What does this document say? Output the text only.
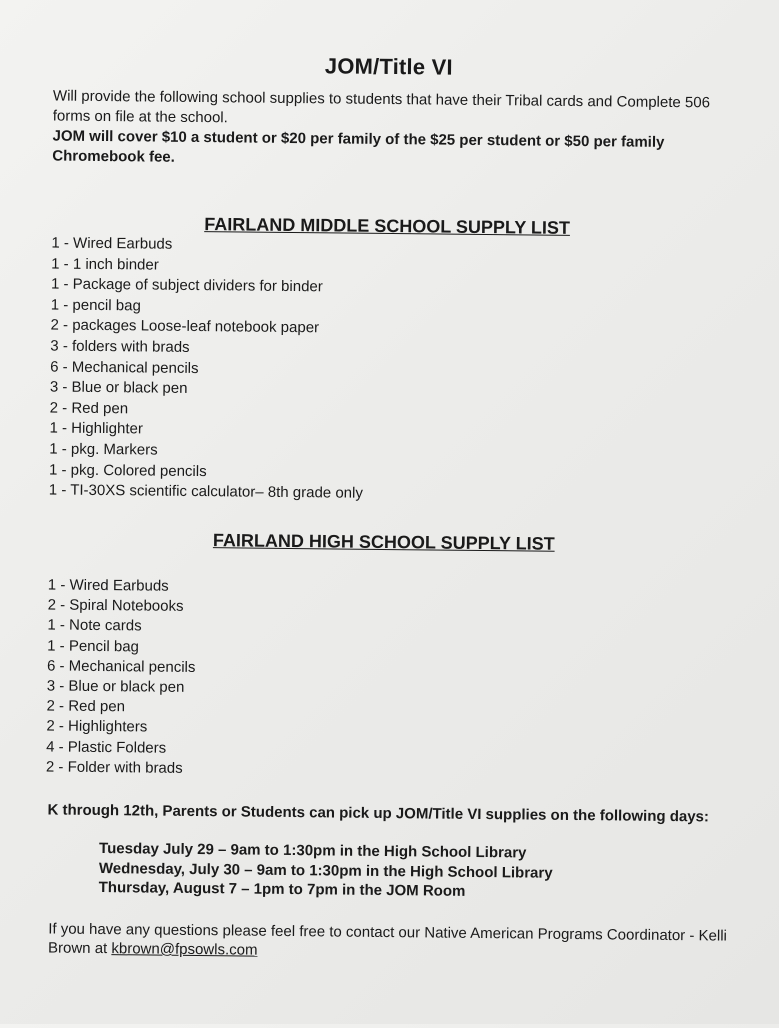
JOM/Title VI

Will provide the following school supplies to students that have their Tribal cards and Complete 506 forms on file at the school.

JOM will cover $10 a student or $20 per family of the $25 per student or $50 per family Chromebook fee.

FAIRLAND MIDDLE SCHOOL SUPPLY LIST
1 - Wired Earbuds
1 - 1 inch binder
1 - Package of subject dividers for binder
1 - pencil bag
2 - packages Loose-leaf notebook paper
3 - folders with brads
6 - Mechanical pencils
3 - Blue or black pen
2 - Red pen
1 - Highlighter
1 - pkg. Markers
1 - pkg. Colored pencils
1 - TI-30XS scientific calculator– 8th grade only
FAIRLAND HIGH SCHOOL SUPPLY LIST
1 - Wired Earbuds
2 - Spiral Notebooks
1 - Note cards
1 - Pencil bag
6 - Mechanical pencils
3 - Blue or black pen
2 - Red pen
2 - Highlighters
4 - Plastic Folders
2 - Folder with brads

K through 12th, Parents or Students can pick up JOM/Title VI supplies on the following days:

Tuesday July 29 – 9am to 1:30pm in the High School Library
Wednesday, July 30 – 9am to 1:30pm in the High School Library
Thursday, August 7 – 1pm to 7pm in the JOM Room

If you have any questions please feel free to contact our Native American Programs Coordinator - Kelli Brown at kbrown@fpsowls.com
